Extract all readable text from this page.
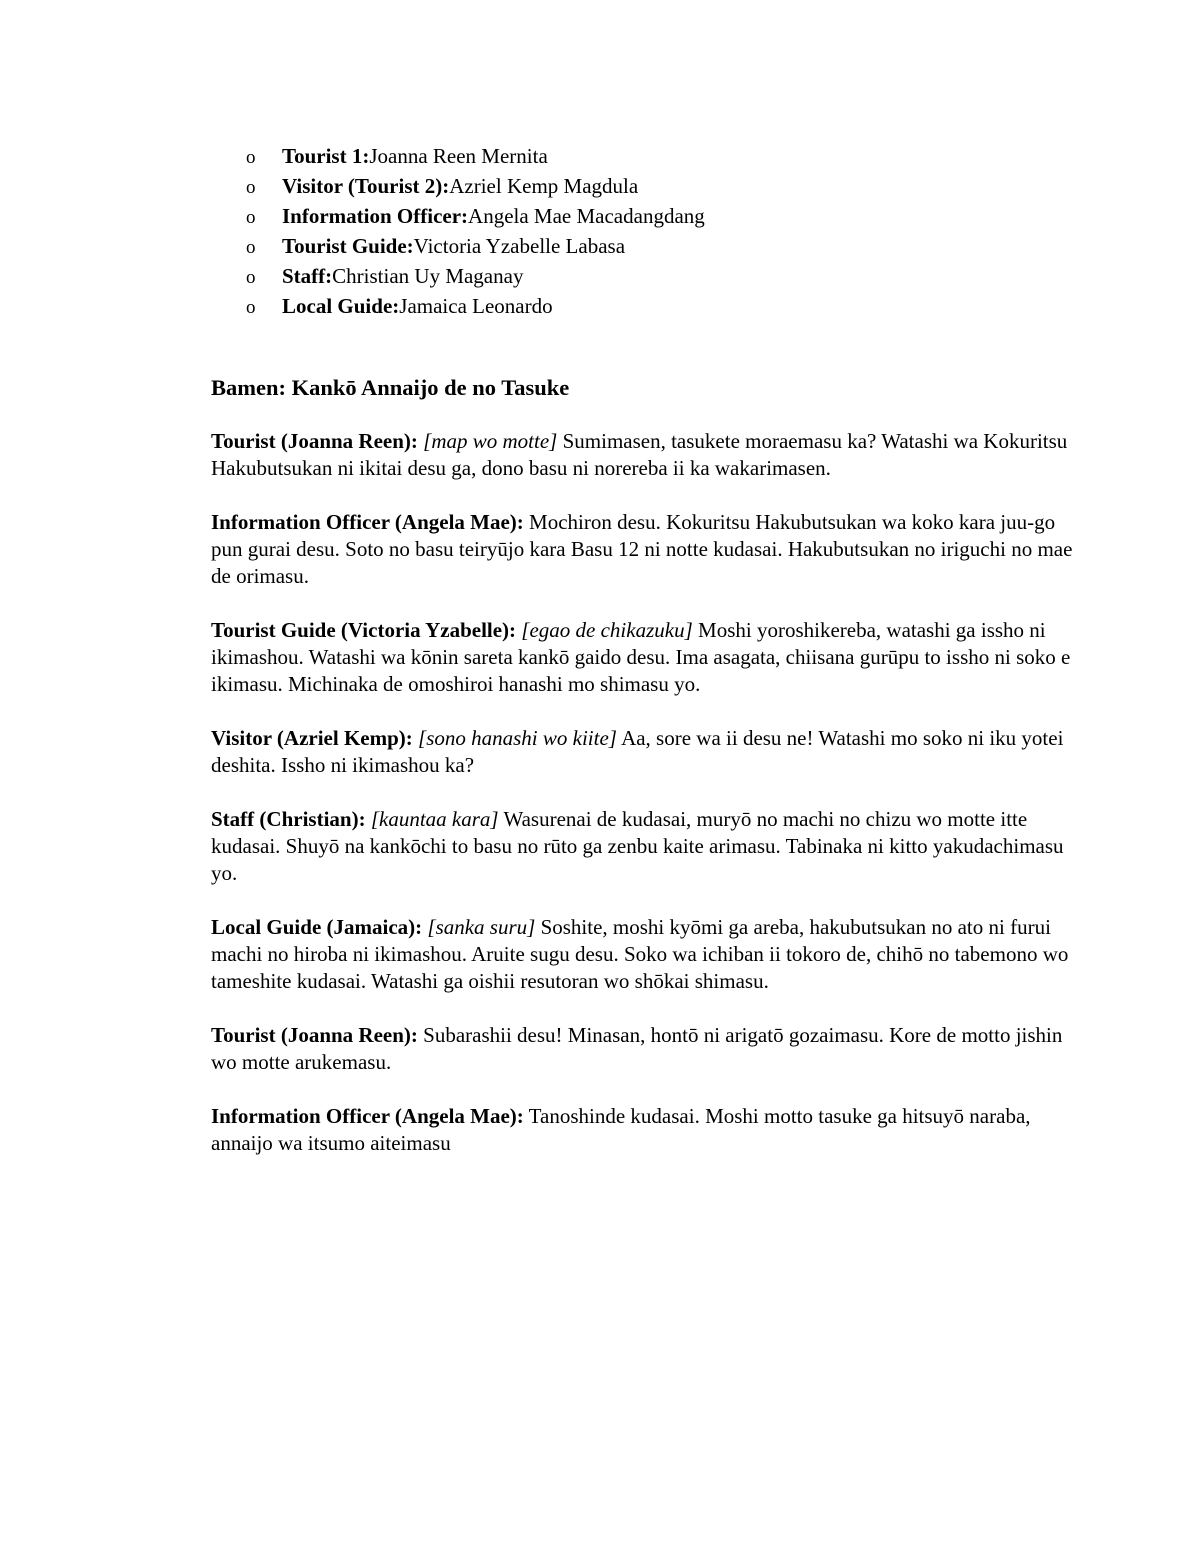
o	Tourist 1: Joanna Reen Mernita
o	Visitor (Tourist 2): Azriel Kemp Magdula
o	Information Officer: Angela Mae Macadangdang
o	Tourist Guide: Victoria Yzabelle Labasa
o	Staff: Christian Uy Maganay
o	Local Guide: Jamaica Leonardo
Bamen: Kankō Annaijo de no Tasuke

Tourist (Joanna Reen): [map wo motte] Sumimasen, tasukete moraemasu ka? Watashi wa Kokuritsu Hakubutsukan ni ikitai desu ga, dono basu ni norereba ii ka wakarimasen.

Information Officer (Angela Mae): Mochiron desu. Kokuritsu Hakubutsukan wa koko kara juu-go pun gurai desu. Soto no basu teiryūjo kara Basu 12 ni notte kudasai. Hakubutsukan no iriguchi no mae de orimasu.

Tourist Guide (Victoria Yzabelle): [egao de chikazuku] Moshi yoroshikereba, watashi ga issho ni ikimashou. Watashi wa kōnin sareta kankō gaido desu. Ima asagata, chiisana gurūpu to issho ni soko e ikimasu. Michinaka de omoshiroi hanashi mo shimasu yo.

Visitor (Azriel Kemp): [sono hanashi wo kiite] Aa, sore wa ii desu ne! Watashi mo soko ni iku yotei deshita. Issho ni ikimashou ka?

Staff (Christian): [kauntaa kara] Wasurenai de kudasai, muryō no machi no chizu wo motte itte kudasai. Shuyō na kankōchi to basu no rūto ga zenbu kaite arimasu. Tabinaka ni kitto yakudachimasu yo.

Local Guide (Jamaica): [sanka suru] Soshite, moshi kyōmi ga areba, hakubutsukan no ato ni furui machi no hiroba ni ikimashou. Aruite sugu desu. Soko wa ichiban ii tokoro de, chihō no tabemono wo tameshite kudasai. Watashi ga oishii resutoran wo shōkai shimasu.

Tourist (Joanna Reen): Subarashii desu! Minasan, hontō ni arigatō gozaimasu. Kore de motto jishin wo motte arukemasu.

Information Officer (Angela Mae): Tanoshinde kudasai. Moshi motto tasuke ga hitsuyō naraba, annaijo wa itsumo aiteimasu
